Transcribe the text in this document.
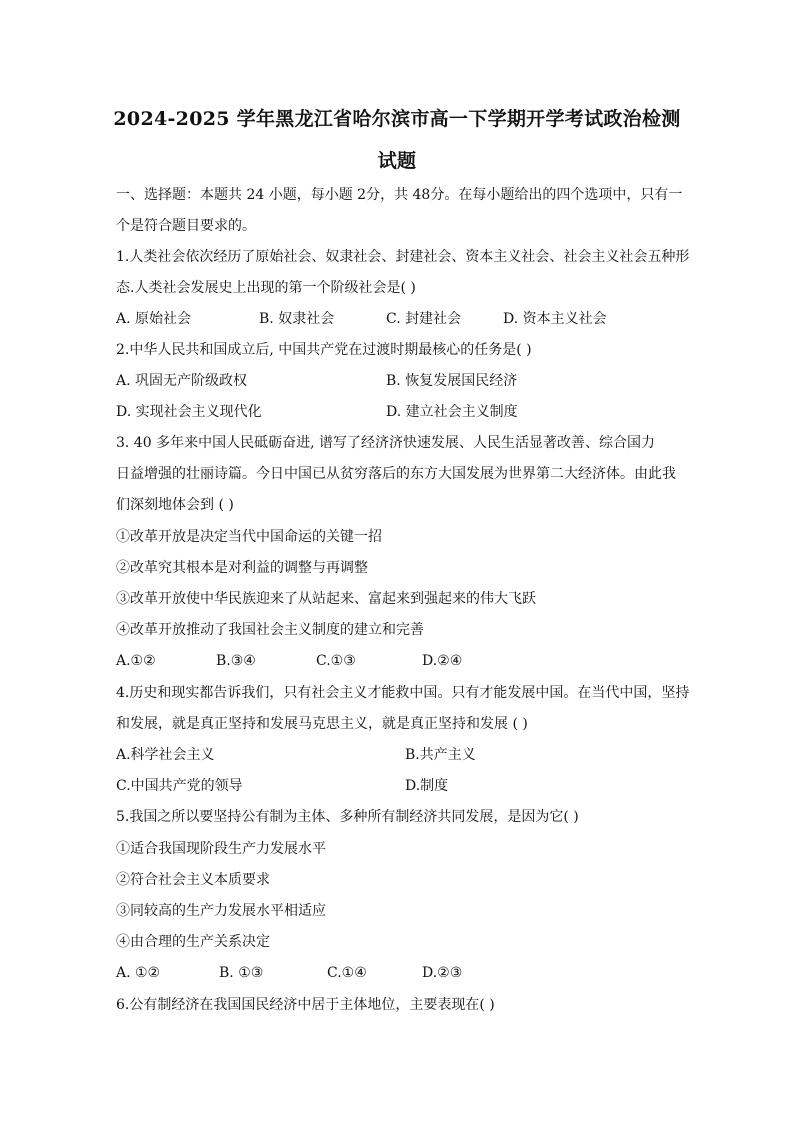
2024-2025 学年黑龙江省哈尔滨市高一下学期开学考试政治检测
试题
一、选择题：本题共 24 小题，每小题 2分，共 48分。在每小题给出的四个选项中，只有一
个是符合题目要求的。
1.人类社会依次经历了原始社会、奴隶社会、封建社会、资本主义社会、社会主义社会五种形
态.人类社会发展史上出现的第一个阶级社会是( )
A. 原始社会	B. 奴隶社会	C. 封建社会	D. 资本主义社会
2.中华人民共和国成立后, 中国共产党在过渡时期最核心的任务是( )
A. 巩固无产阶级政权	B. 恢复发展国民经济
D. 实现社会主义现代化	D. 建立社会主义制度
3. 40 多年来中国人民砥砺奋进, 谱写了经济济快速发展、人民生活显著改善、综合国力
日益增强的壮丽诗篇。今日中国已从贫穷落后的东方大国发展为世界第二大经济体。由此我
们深刻地体会到 ( )
①改革开放是决定当代中国命运的关键一招
②改革究其根本是对利益的调整与再调整
③改革开放使中华民族迎来了从站起来、富起来到强起来的伟大飞跃
④改革开放推动了我国社会主义制度的建立和完善
A.①②	B.③④	C.①③	D.②④
4.历史和现实都告诉我们，只有社会主义才能救中国。只有才能发展中国。在当代中国，坚持
和发展，就是真正坚持和发展马克思主义，就是真正坚持和发展 ( )
A.科学社会主义	B.共产主义
C.中国共产党的领导	D.制度
5.我国之所以要坚持公有制为主体、多种所有制经济共同发展，是因为它( )
①适合我国现阶段生产力发展水平
②符合社会主义本质要求
③同较高的生产力发展水平相适应
④由合理的生产关系决定
A. ①②	B. ①③	C.①④	D.②③
6.公有制经济在我国国民经济中居于主体地位，主要表现在( )
